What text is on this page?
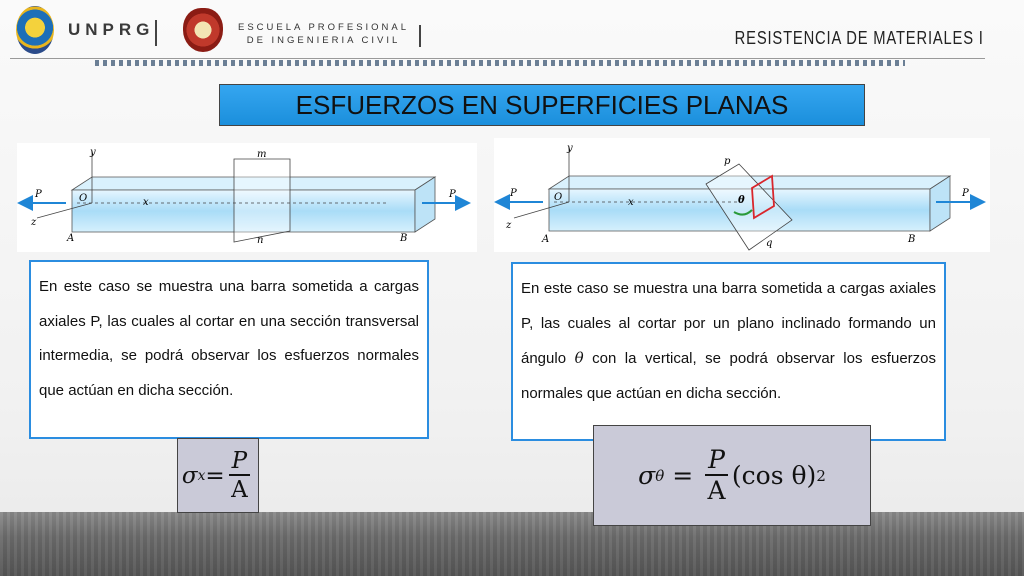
UNPRG	ESCUELA PROFESIONAL
DE INGENIERIA CIVIL	RESISTENCIA DE MATERIALES I
ESFUERZOS EN SUPERFICIES PLANAS
y	m
P	O	x
P
z
A	n	B
y
p
P	O	x	θ
P
z
A	q	B
En este caso se muestra una barra sometida a cargas axiales P, las cuales al cortar en una sección transversal intermedia, se podrá observar los esfuerzos normales que actúan en dicha sección.
En este caso se muestra una barra sometida a cargas axiales P, las cuales al cortar por un plano inclinado formando un ángulo θ con la vertical, se podrá observar los esfuerzos normales que actúan en dicha sección.
σ $x = \frac{P}{A}$	σ $\theta = \frac{P}{A} (\cos$ θ) 2
